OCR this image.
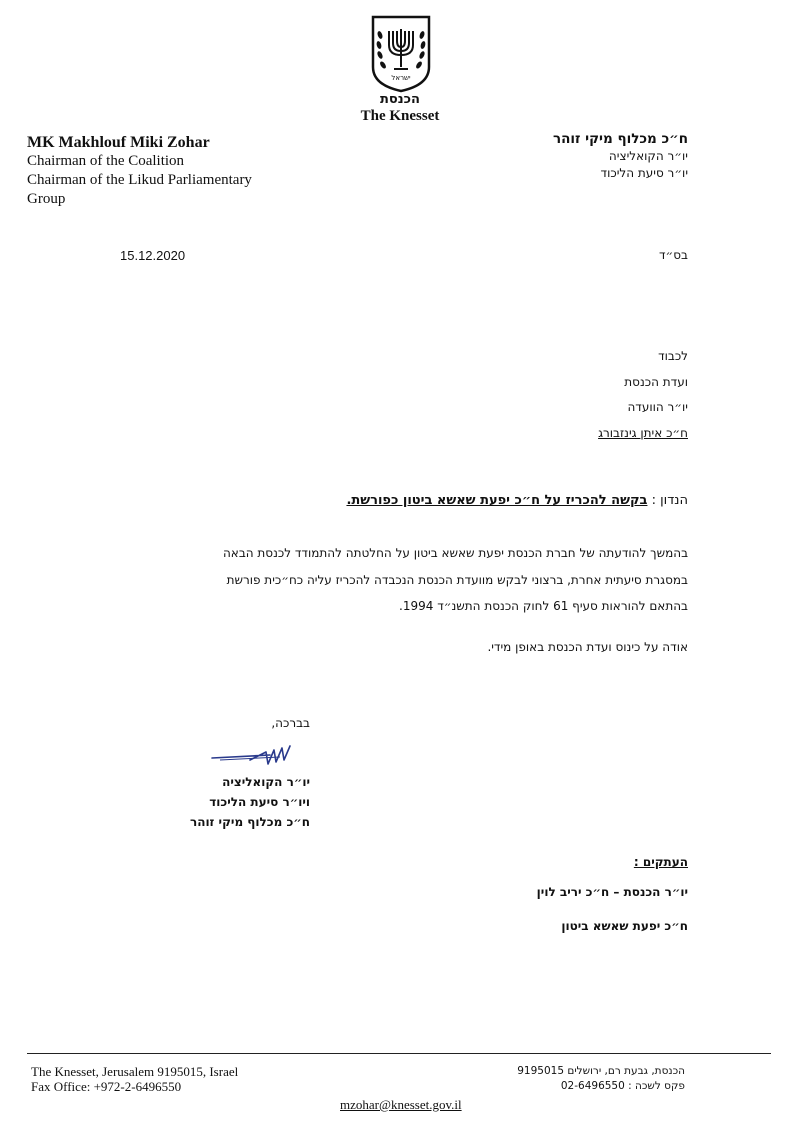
ישראל
הכנסת
The Knesset
MK Makhlouf Miki Zohar
Chairman of the Coalition
Chairman of the Likud Parliamentary
Group
ח״כ מכלוף מיקי זוהר
יו״ר הקואליציה
יו״ר סיעת הליכוד
15.12.2020	בס״ד
לכבוד
ועדת הכנסת
יו״ר הוועדה
ח״כ איתן גינזבורג
הנדון : בקשה להכריז על ח״כ יפעת שאשא ביטון כפורשת.
בהמשך להודעתה של חברת הכנסת יפעת שאשא ביטון על החלטתה להתמודד לכנסת הבאה
במסגרת סיעתית אחרת, ברצוני לבקש מוועדת הכנסת הנכבדה להכריז עליה כח״כית פורשת
בהתאם להוראות סעיף 61 לחוק הכנסת התשנ״ד 1994.
אודה על כינוס ועדת הכנסת באופן מידי.
בברכה,
יו״ר הקואליציה
ויו״ר סיעת הליכוד
ח״כ מכלוף מיקי זוהר
העתקים :
יו״ר הכנסת – ח״כ יריב לוין
ח״כ יפעת שאשא ביטון
The Knesset, Jerusalem 9195015, Israel
Fax Office: +972-2-6496550
הכנסת, גבעת רם, ירושלים 9195015
פקס לשכה : 02-6496550
mzohar@knesset.gov.il
